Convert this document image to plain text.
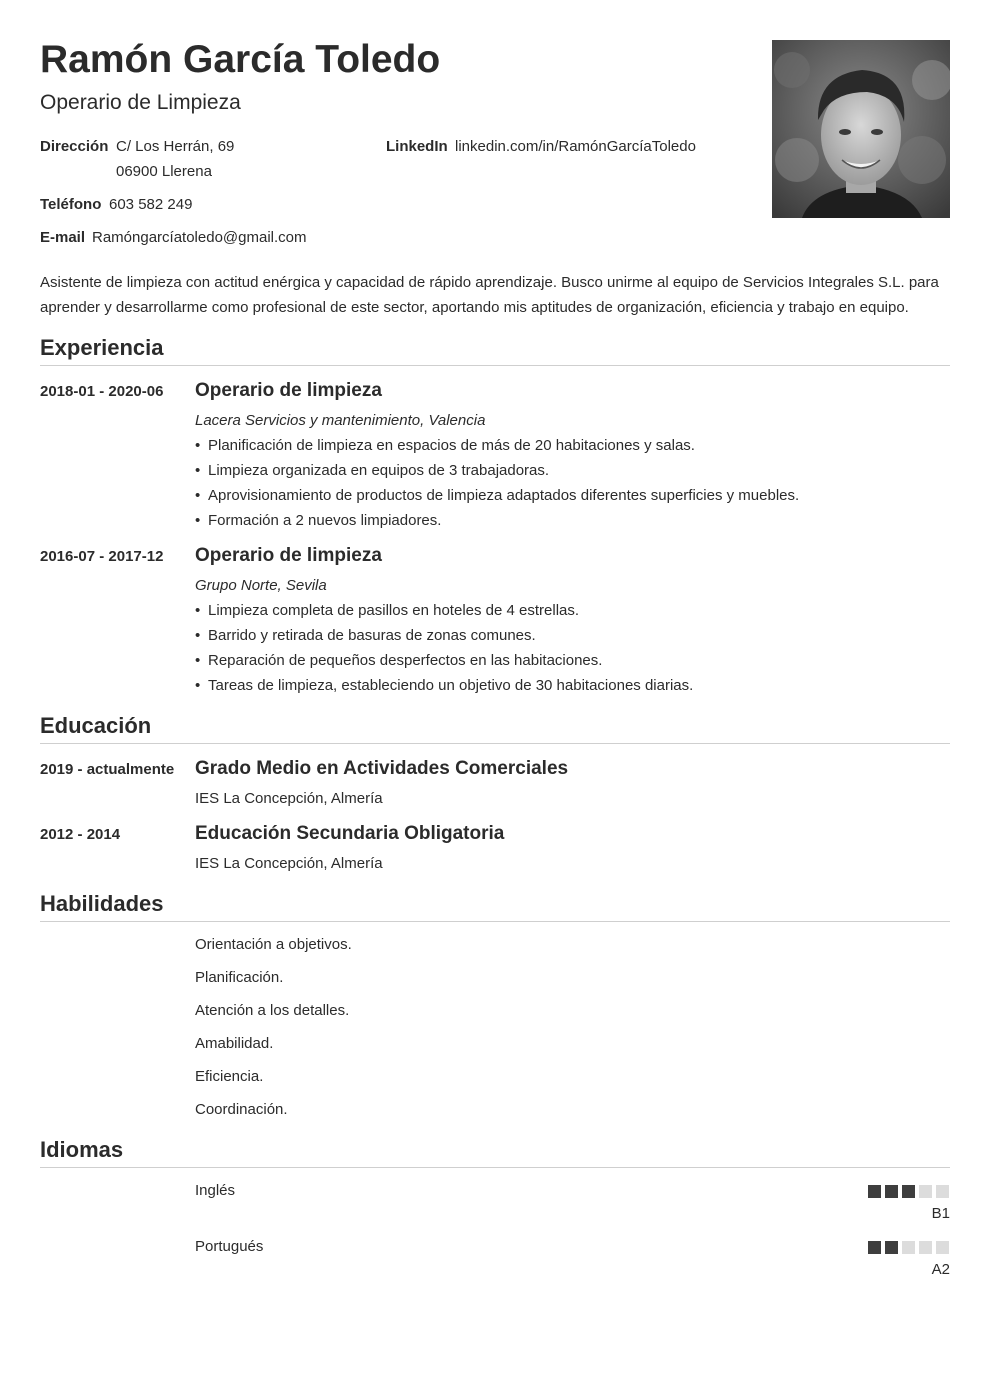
Ramón García Toledo
Operario de Limpieza
Dirección C/ Los Herrán, 69
06900 Llerena
Teléfono 603 582 249
E-mail Ramóngarcíatoledo@gmail.com
LinkedIn linkedin.com/in/RamónGarcíaToledo
Asistente de limpieza con actitud enérgica y capacidad de rápido aprendizaje. Busco unirme al equipo de Servicios Integrales S.L. para aprender y desarrollarme como profesional de este sector, aportando mis aptitudes de organización, eficiencia y trabajo en equipo.
Experiencia
2018-01 - 2020-06 Operario de limpieza
Lacera Servicios y mantenimiento, Valencia
• Planificación de limpieza en espacios de más de 20 habitaciones y salas.
• Limpieza organizada en equipos de 3 trabajadoras.
• Aprovisionamiento de productos de limpieza adaptados diferentes superficies y muebles.
• Formación a 2 nuevos limpiadores.
2016-07 - 2017-12 Operario de limpieza
Grupo Norte, Sevila
• Limpieza completa de pasillos en hoteles de 4 estrellas.
• Barrido y retirada de basuras de zonas comunes.
• Reparación de pequeños desperfectos en las habitaciones.
• Tareas de limpieza, estableciendo un objetivo de 30 habitaciones diarias.
Educación
2019 - actualmente Grado Medio en Actividades Comerciales
IES La Concepción, Almería
2012 - 2014	Educación Secundaria Obligatoria
IES La Concepción, Almería
Habilidades
Orientación a objetivos.
Planificación.
Atención a los detalles.
Amabilidad.
Eficiencia.
Coordinación.
Idiomas
Inglés
B1
Portugués
A2
